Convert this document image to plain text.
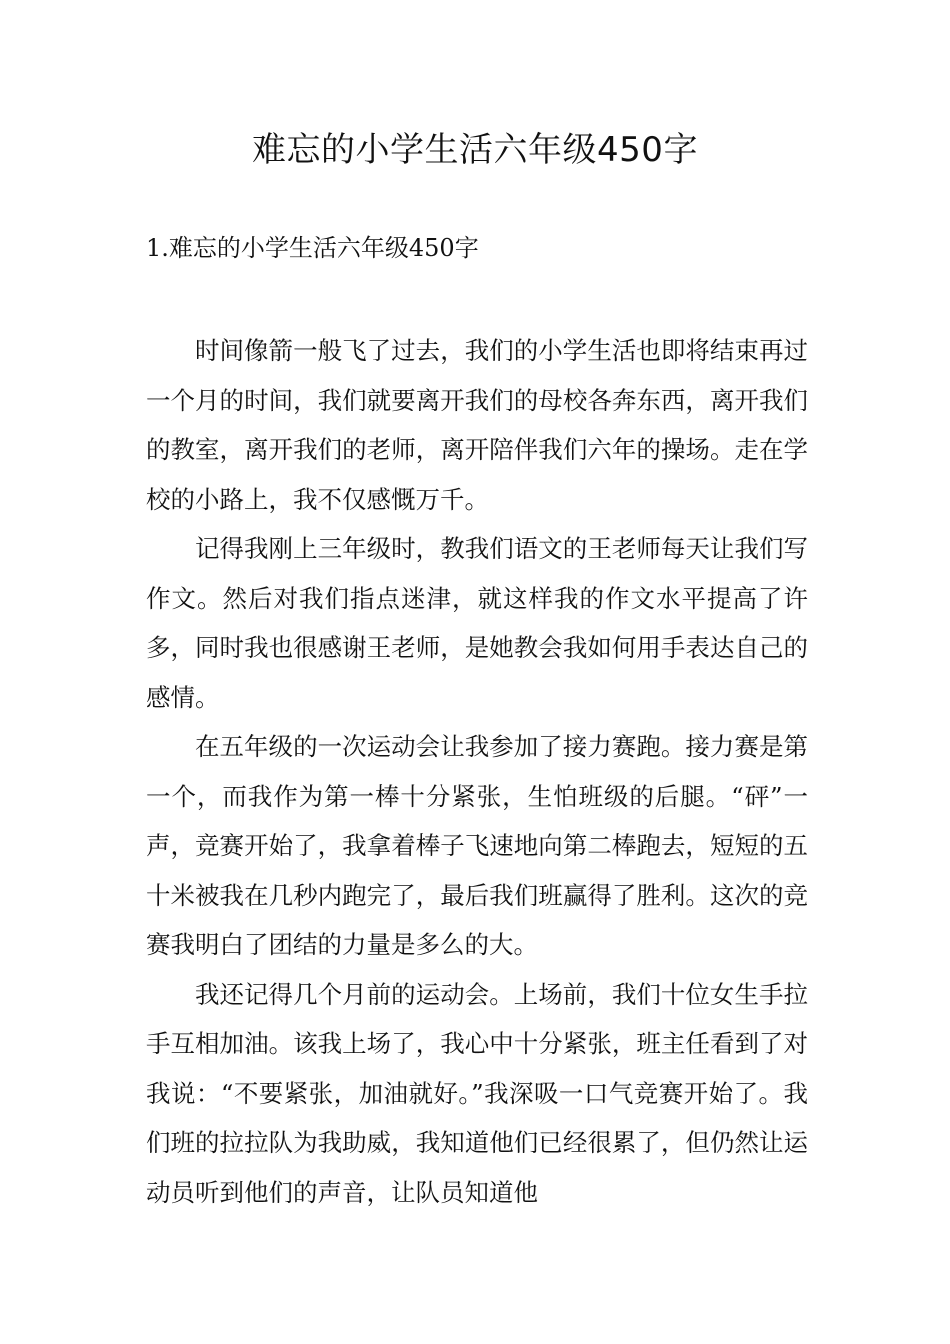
难忘的小学生活六年级450字
1.难忘的小学生活六年级450字

时间像箭一般飞了过去，我们的小学生活也即将结束再过一个月的时间，我们就要离开我们的母校各奔东西，离开我们的教室，离开我们的老师，离开陪伴我们六年的操场。走在学校的小路上，我不仅感慨万千。

记得我刚上三年级时，教我们语文的王老师每天让我们写作文。然后对我们指点迷津，就这样我的作文水平提高了许多，同时我也很感谢王老师，是她教会我如何用手表达自己的感情。

在五年级的一次运动会让我参加了接力赛跑。接力赛是第一个，而我作为第一棒十分紧张，生怕班级的后腿。“砰”一声，竞赛开始了，我拿着棒子飞速地向第二棒跑去，短短的五十米被我在几秒内跑完了，最后我们班赢得了胜利。这次的竞赛我明白了团结的力量是多么的大。

我还记得几个月前的运动会。上场前，我们十位女生手拉手互相加油。该我上场了，我心中十分紧张，班主任看到了对我说：“不要紧张，加油就好。”我深吸一口气竞赛开始了。我们班的拉拉队为我助威，我知道他们已经很累了，但仍然让运动员听到他们的声音，让队员知道他
